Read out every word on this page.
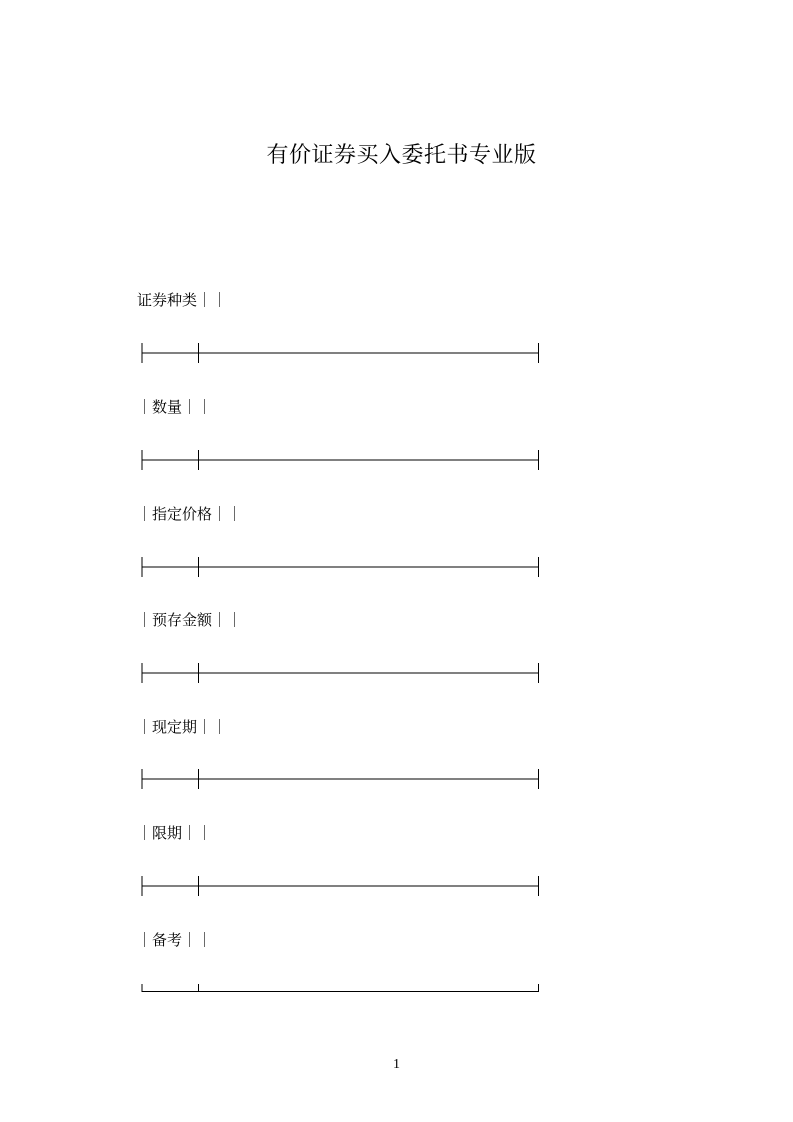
有价证券买入委托书专业版
证券种类｜｜
｜数量｜｜
｜指定价格｜｜
｜预存金额｜｜
｜现定期｜｜
｜限期｜｜
｜备考｜｜
1
